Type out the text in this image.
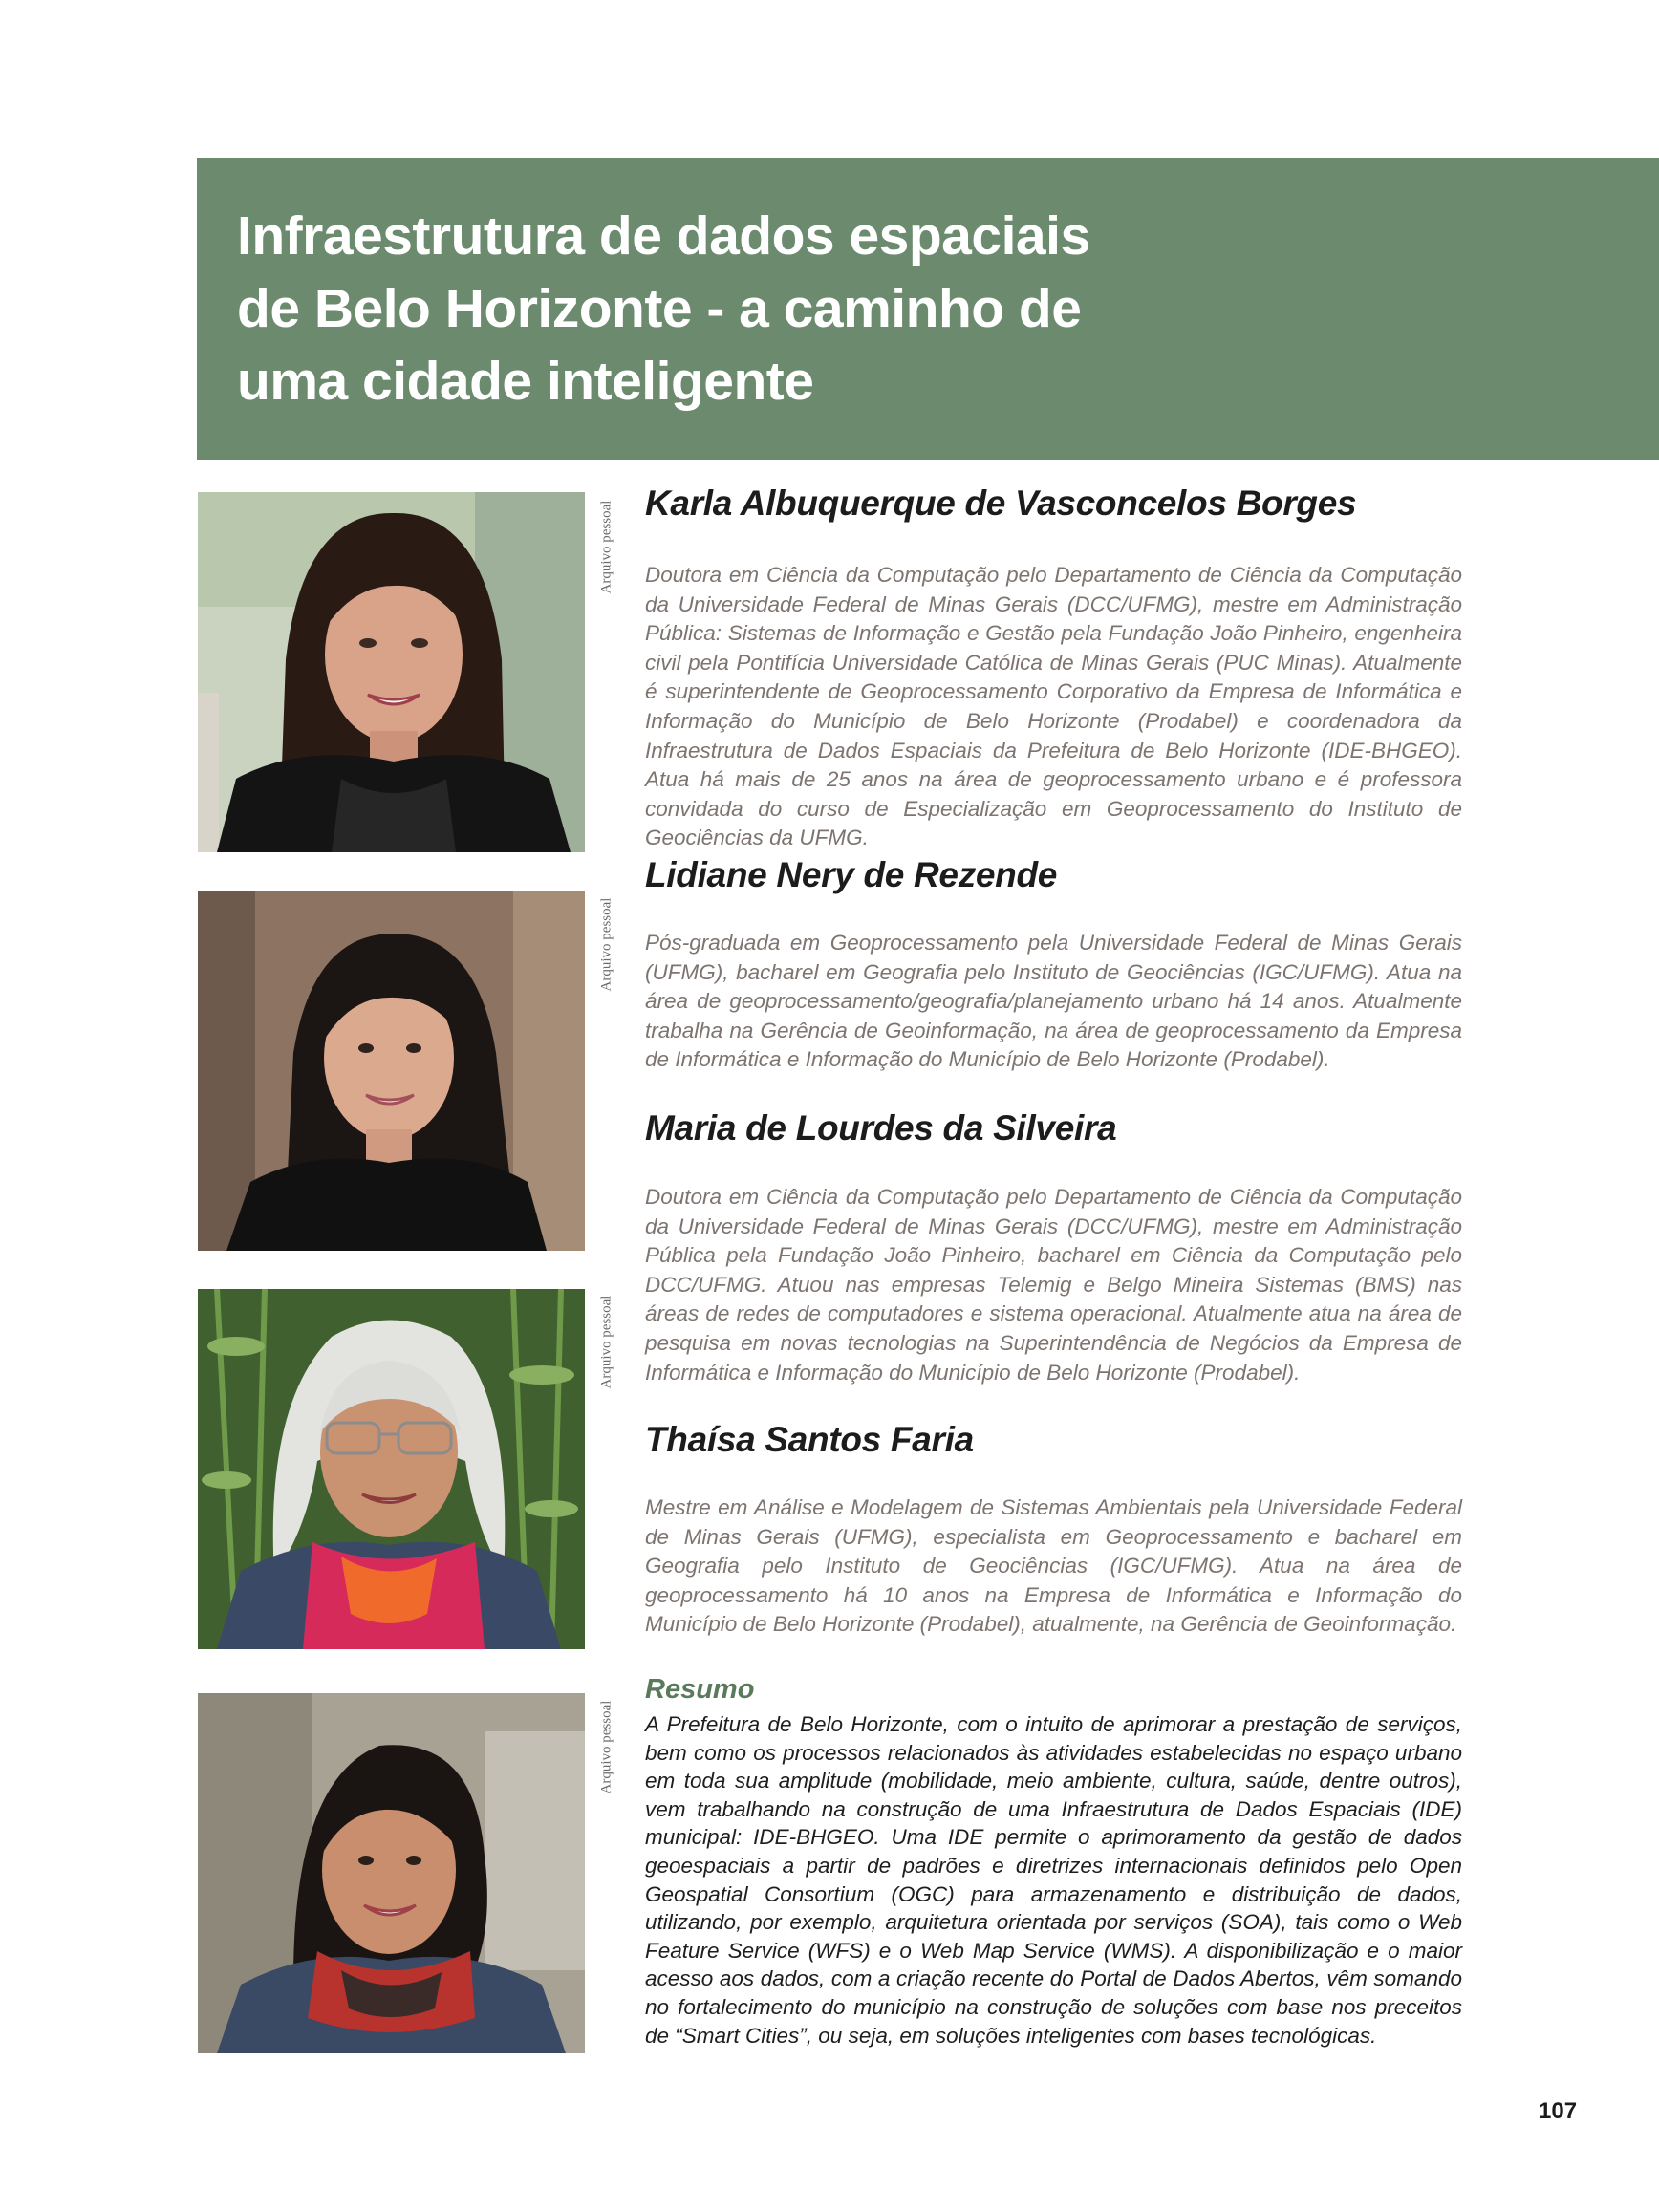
Infraestrutura de dados espaciais
de Belo Horizonte - a caminho de
uma cidade inteligente
Arquivo pessoal
Arquivo pessoal
Arquivo pessoal
Arquivo pessoal
Karla Albuquerque de Vasconcelos Borges

Doutora em Ciência da Computação pelo Departamento de Ciência da Computação da Universidade Federal de Minas Gerais (DCC/UFMG), mestre em Administração Pública: Sistemas de Informação e Gestão pela Fundação João Pinheiro, engenheira civil pela Pontifícia Universidade Católica de Minas Gerais (PUC Minas). Atualmente é superintendente de Geoprocessamento Corporativo da Empresa de Informática e Informação do Município de Belo Horizonte (Prodabel) e coordenadora da Infraestrutura de Dados Espaciais da Prefeitura de Belo Horizonte (IDE-BHGEO). Atua há mais de 25 anos na área de geoprocessamento urbano e é professora convidada do curso de Especialização em Geoprocessamento do Instituto de Geociências da UFMG.

Lidiane Nery de Rezende

Pós-graduada em Geoprocessamento pela Universidade Federal de Minas Gerais (UFMG), bacharel em Geografia pelo Instituto de Geociências (IGC/UFMG). Atua na área de geoprocessamento/geografia/planejamento urbano há 14 anos. Atualmente trabalha na Gerência de Geoinformação, na área de geoprocessamento da Empresa de Informática e Informação do Município de Belo Horizonte (Prodabel).

Maria de Lourdes da Silveira

Doutora em Ciência da Computação pelo Departamento de Ciência da Computação da Universidade Federal de Minas Gerais (DCC/UFMG), mestre em Administração Pública pela Fundação João Pinheiro, bacharel em Ciência da Computação pelo DCC/UFMG. Atuou nas empresas Telemig e Belgo Mineira Sistemas (BMS) nas áreas de redes de computadores e sistema operacional. Atualmente atua na área de pesquisa em novas tecnologias na Superintendência de Negócios da Empresa de Informática e Informação do Município de Belo Horizonte (Prodabel).

Thaísa Santos Faria

Mestre em Análise e Modelagem de Sistemas Ambientais pela Universidade Federal de Minas Gerais (UFMG), especialista em Geoprocessamento e bacharel em Geografia pelo Instituto de Geociências (IGC/UFMG). Atua na área de geoprocessamento há 10 anos na Empresa de Informática e Informação do Município de Belo Horizonte (Prodabel), atualmente, na Gerência de Geoinformação.

Resumo

A Prefeitura de Belo Horizonte, com o intuito de aprimorar a prestação de serviços, bem como os processos relacionados às atividades estabelecidas no espaço urbano em toda sua amplitude (mobilidade, meio ambiente, cultura, saúde, dentre outros), vem trabalhando na construção de uma Infraestrutura de Dados Espaciais (IDE) municipal: IDE-BHGEO. Uma IDE permite o aprimoramento da gestão de dados geoespaciais a partir de padrões e diretrizes internacionais definidos pelo Open Geospatial Consortium (OGC) para armazenamento e distribuição de dados, utilizando, por exemplo, arquitetura orientada por serviços (SOA), tais como o Web Feature Service (WFS) e o Web Map Service (WMS). A disponibilização e o maior acesso aos dados, com a criação recente do Portal de Dados Abertos, vêm somando no fortalecimento do município na construção de soluções com base nos preceitos de “Smart Cities”, ou seja, em soluções inteligentes com bases tecnológicas.

107
